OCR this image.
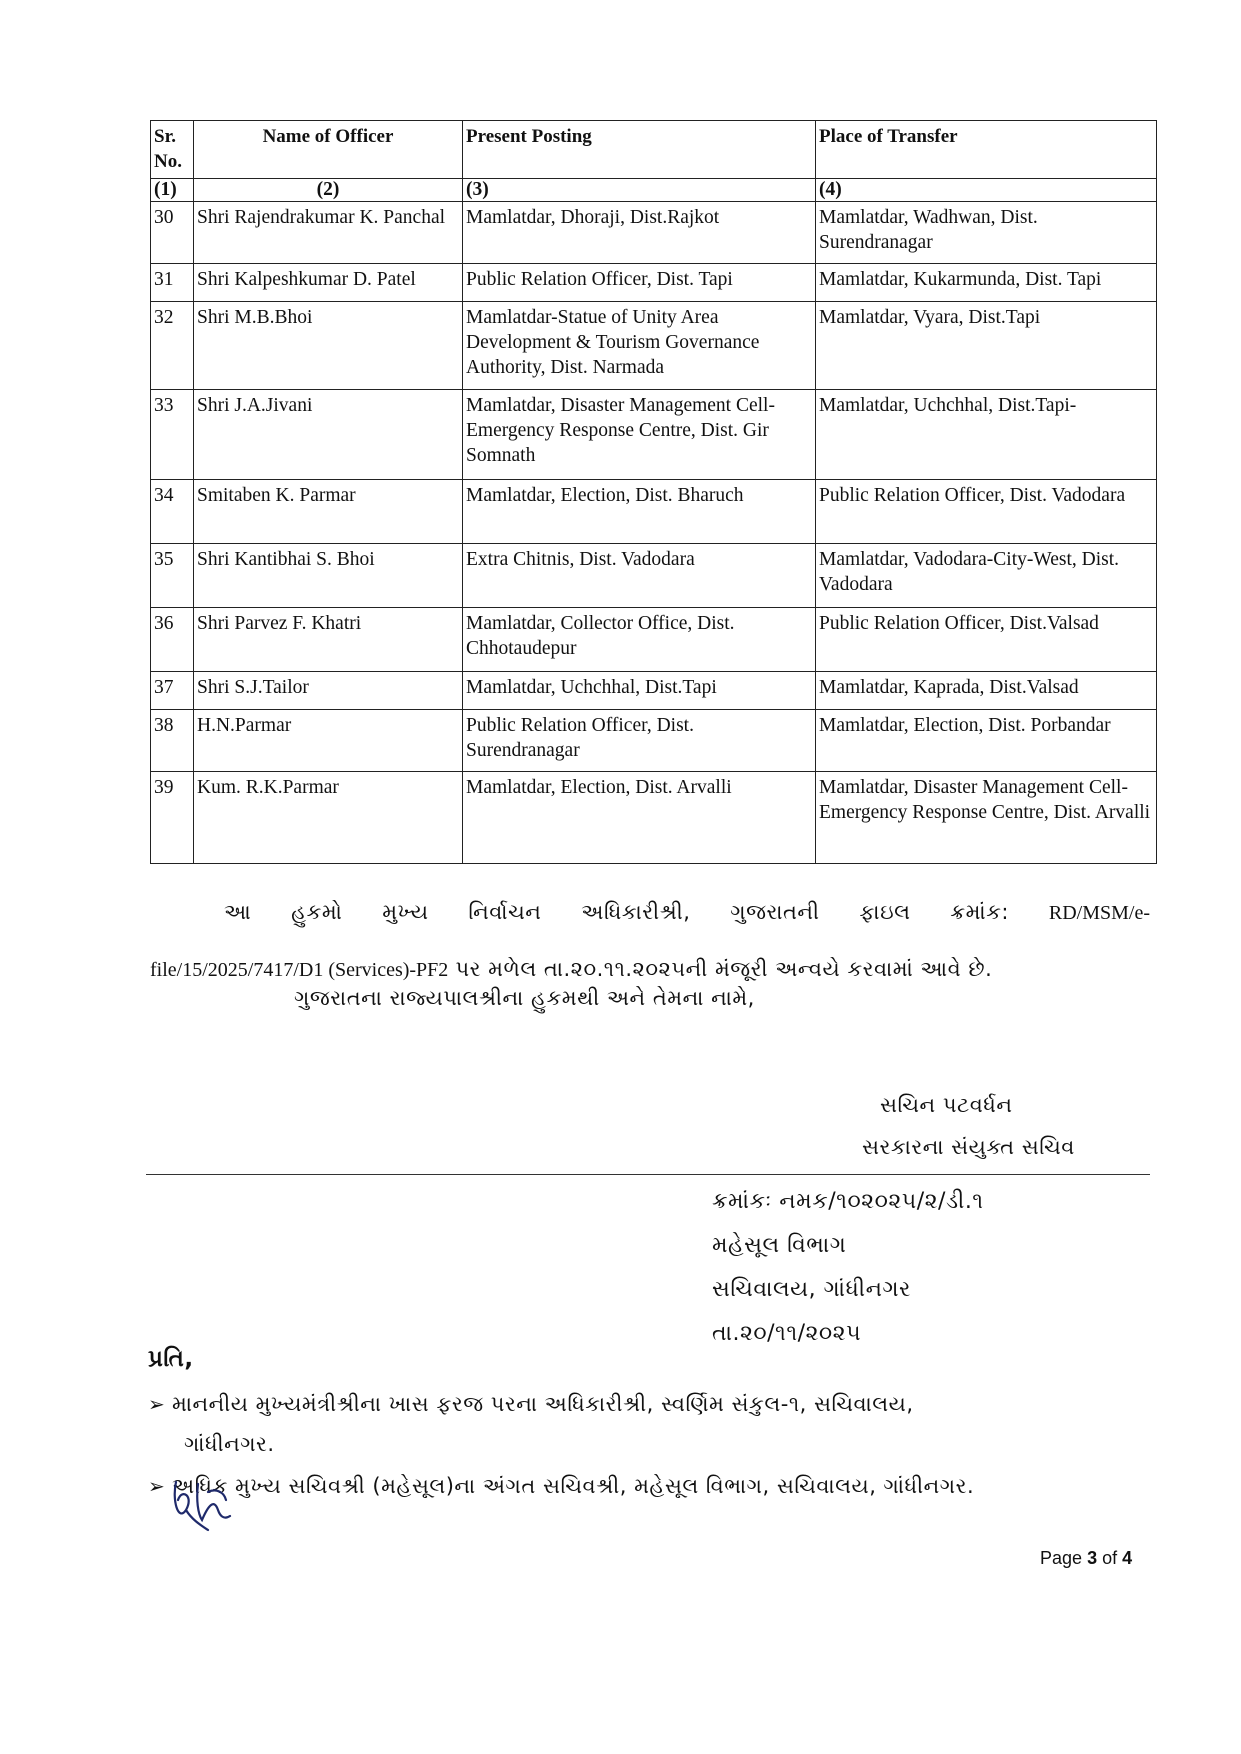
Sr. No.	Name of Officer	Present Posting	Place of Transfer
(1)	(2)	(3)	(4)
30	Shri Rajendrakumar K. Panchal	Mamlatdar, Dhoraji, Dist.Rajkot	Mamlatdar, Wadhwan, Dist. Surendranagar
31	Shri Kalpeshkumar D. Patel	Public Relation Officer, Dist. Tapi	Mamlatdar, Kukarmunda, Dist. Tapi
32	Shri M.B.Bhoi	Mamlatdar-Statue of Unity Area Development & Tourism Governance Authority, Dist. Narmada	Mamlatdar, Vyara, Dist.Tapi
33	Shri J.A.Jivani	Mamlatdar, Disaster Management Cell-Emergency Response Centre, Dist. Gir Somnath	Mamlatdar, Uchchhal, Dist.Tapi-
34	Smitaben K. Parmar	Mamlatdar, Election, Dist. Bharuch	Public Relation Officer, Dist. Vadodara
35	Shri Kantibhai S. Bhoi	Extra Chitnis, Dist. Vadodara	Mamlatdar, Vadodara-City-West, Dist. Vadodara
36	Shri Parvez F. Khatri	Mamlatdar, Collector Office, Dist. Chhotaudepur	Public Relation Officer, Dist.Valsad
37	Shri S.J.Tailor	Mamlatdar, Uchchhal, Dist.Tapi	Mamlatdar, Kaprada, Dist.Valsad
38	H.N.Parmar	Public Relation Officer, Dist. Surendranagar	Mamlatdar, Election, Dist. Porbandar
39	Kum. R.K.Parmar	Mamlatdar, Election, Dist. Arvalli	Mamlatdar, Disaster Management Cell-Emergency Response Centre, Dist. Arvalli
આ હુકમો મુખ્ય નિર્વાચન અધિકારીશ્રી, ગુજરાતની ફાઇલ ક્રમાંક: RD/MSM/e-
file/15/2025/7417/D1 (Services)-PF2 પર મળેલ તા.૨૦.૧૧.૨૦૨૫ની મંજૂરી અન્વયે કરવામાં આવે છે.
ગુજરાતના રાજ્યપાલશ્રીના હુકમથી અને તેમના નામે,
સચિન પટવર્ધન
સરકારના સંયુક્ત સચિવ
ક્રમાંકઃ નમક/૧૦૨૦૨૫/૨/ડી.૧
મહેસૂલ વિભાગ
સચિવાલય, ગાંધીનગર
તા.૨૦/૧૧/૨૦૨૫
પ્રતિ,
➢ માનનીય મુખ્યમંત્રીશ્રીના ખાસ ફરજ પરના અધિકારીશ્રી, સ્વર્ણિમ સંકુલ-૧, સચિવાલય,
ગાંધીનગર.
➢ અધિક મુખ્ય સચિવશ્રી (મહેસૂલ)ના અંગત સચિવશ્રી, મહેસૂલ વિભાગ, સચિવાલય, ગાંધીનગર.
Page 3 of 4
